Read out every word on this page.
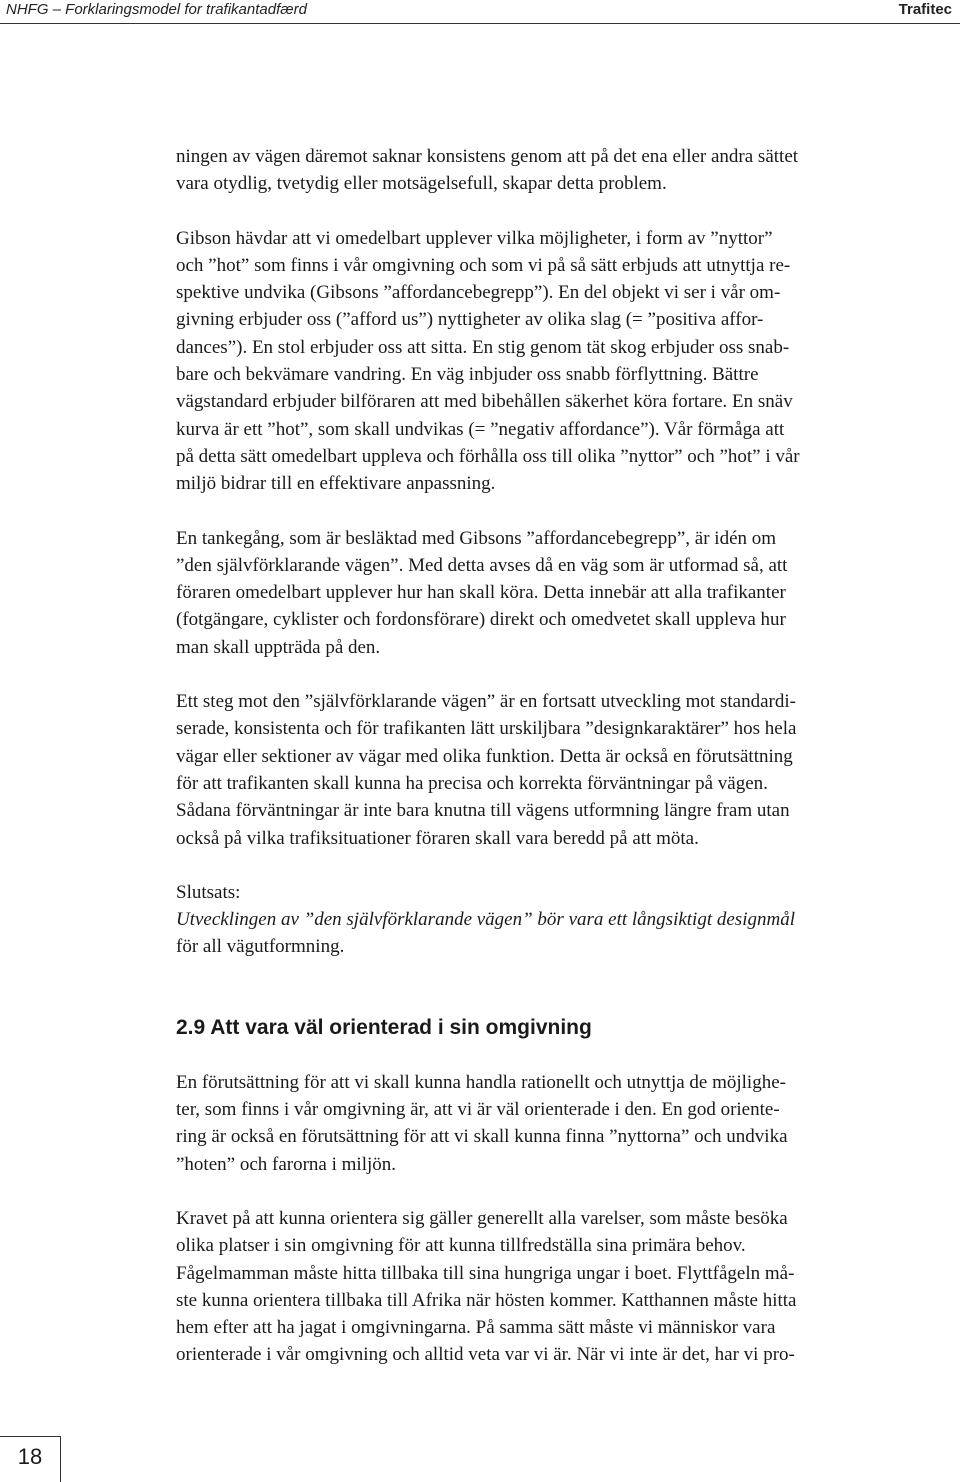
NHFG – Forklaringsmodel for trafikantadfærd	Trafitec

ningen av vägen däremot saknar konsistens genom att på det ena eller andra sättet
vara otydlig, tvetydig eller motsägelsefull, skapar detta problem.

Gibson hävdar att vi omedelbart upplever vilka möjligheter, i form av ”nyttor”
och ”hot” som finns i vår omgivning och som vi på så sätt erbjuds att utnyttja re-
spektive undvika (Gibsons ”affordancebegrepp”). En del objekt vi ser i vår om-
givning erbjuder oss (”afford us”) nyttigheter av olika slag (= ”positiva affor-
dances”). En stol erbjuder oss att sitta. En stig genom tät skog erbjuder oss snab-
bare och bekvämare vandring. En väg inbjuder oss snabb förflyttning. Bättre
vägstandard erbjuder bilföraren att med bibehållen säkerhet köra fortare. En snäv
kurva är ett ”hot”, som skall undvikas (= ”negativ affordance”). Vår förmåga att
på detta sätt omedelbart uppleva och förhålla oss till olika ”nyttor” och ”hot” i vår
miljö bidrar till en effektivare anpassning.

En tankegång, som är besläktad med Gibsons ”affordancebegrepp”, är idén om
”den självförklarande vägen”. Med detta avses då en väg som är utformad så, att
föraren omedelbart upplever hur han skall köra. Detta innebär att alla trafikanter
(fotgängare, cyklister och fordonsförare) direkt och omedvetet skall uppleva hur
man skall uppträda på den.

Ett steg mot den ”självförklarande vägen” är en fortsatt utveckling mot standardi-
serade, konsistenta och för trafikanten lätt urskiljbara ”designkaraktärer” hos hela
vägar eller sektioner av vägar med olika funktion. Detta är också en förutsättning
för att trafikanten skall kunna ha precisa och korrekta förväntningar på vägen.
Sådana förväntningar är inte bara knutna till vägens utformning längre fram utan
också på vilka trafiksituationer föraren skall vara beredd på att möta.

Slutsats:
Utvecklingen av ”den självförklarande vägen” bör vara ett långsiktigt designmål
för all vägutformning.
2.9 Att vara väl orienterad i sin omgivning

En förutsättning för att vi skall kunna handla rationellt och utnyttja de möjlighe-
ter, som finns i vår omgivning är, att vi är väl orienterade i den. En god oriente-
ring är också en förutsättning för att vi skall kunna finna ”nyttorna” och undvika
”hoten” och farorna i miljön.

Kravet på att kunna orientera sig gäller generellt alla varelser, som måste besöka
olika platser i sin omgivning för att kunna tillfredställa sina primära behov.
Fågelmamman måste hitta tillbaka till sina hungriga ungar i boet. Flyttfågeln må-
ste kunna orientera tillbaka till Afrika när hösten kommer. Katthannen måste hitta
hem efter att ha jagat i omgivningarna. På samma sätt måste vi människor vara
orienterade i vår omgivning och alltid veta var vi är. När vi inte är det, har vi pro-

18
